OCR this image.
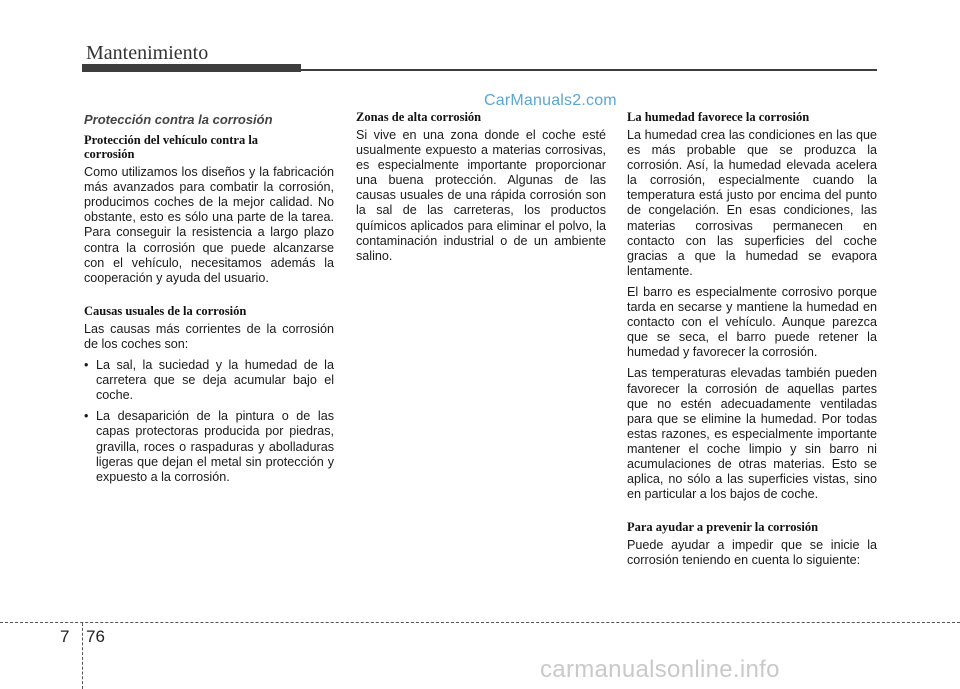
Mantenimiento
CarManuals2.com
Protección contra la corrosión
Protección del vehículo contra la corrosión

Como utilizamos los diseños y la fabricación más avanzados para combatir la corrosión, producimos coches de la mejor calidad. No obstante, esto es sólo una parte de la tarea. Para conseguir la resistencia a largo plazo contra la corrosión que puede alcanzarse con el vehículo, necesitamos además la cooperación y ayuda del usuario.

Causas usuales de la corrosión

Las causas más corrientes de la corrosión de los coches son:

• La sal, la suciedad y la humedad de la carretera que se deja acumular bajo el coche.
• La desaparición de la pintura o de las capas protectoras producida por piedras, gravilla, roces o raspaduras y abolladuras ligeras que dejan el metal sin protección y expuesto a la corrosión.
Zonas de alta corrosión

Si vive en una zona donde el coche esté usualmente expuesto a materias corrosivas, es especialmente importante proporcionar una buena protección. Algunas de las causas usuales de una rápida corrosión son la sal de las carreteras, los productos químicos aplicados para eliminar el polvo, la contaminación industrial o de un ambiente salino.

La humedad favorece la corrosión

La humedad crea las condiciones en las que es más probable que se produzca la corrosión. Así, la humedad elevada acelera la corrosión, especialmente cuando la temperatura está justo por encima del punto de congelación. En esas condiciones, las materias corrosivas permanecen en contacto con las superficies del coche gracias a que la humedad se evapora lentamente.

El barro es especialmente corrosivo porque tarda en secarse y mantiene la humedad en contacto con el vehículo. Aunque parezca que se seca, el barro puede retener la humedad y favorecer la corrosión.

Las temperaturas elevadas también pueden favorecer la corrosión de aquellas partes que no estén adecuadamente ventiladas para que se elimine la humedad. Por todas estas razones, es especialmente importante mantener el coche limpio y sin barro ni acumulaciones de otras materias. Esto se aplica, no sólo a las superficies vistas, sino en particular a los bajos de coche.

Para ayudar a prevenir la corrosión

Puede ayudar a impedir que se inicie la corrosión teniendo en cuenta lo siguiente:

7 76
carmanualsonline.info
